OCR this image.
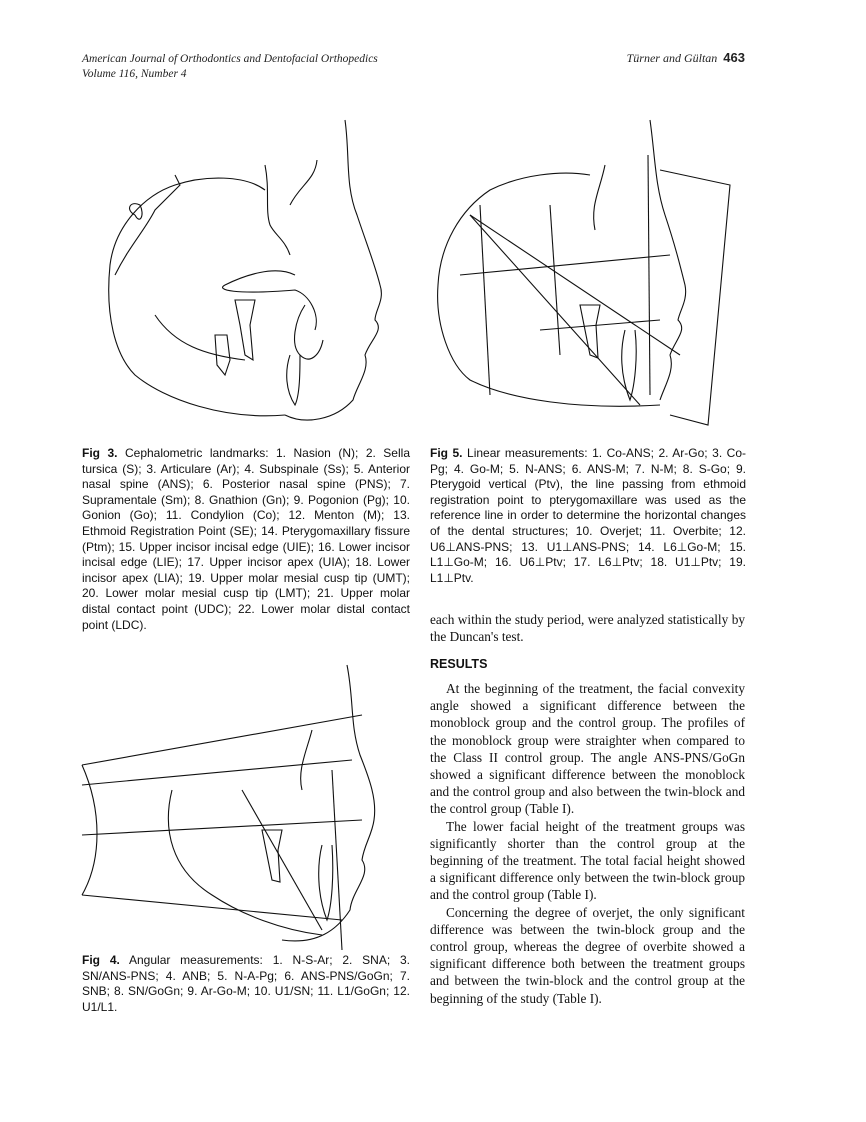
American Journal of Orthodontics and Dentofacial Orthopedics
Volume 116, Number 4
Türner and Gültan 463
Fig 3. Cephalometric landmarks: 1. Nasion (N); 2. Sella tursica (S); 3. Articulare (Ar); 4. Subspinale (Ss); 5. Anterior nasal spine (ANS); 6. Posterior nasal spine (PNS); 7. Supramentale (Sm); 8. Gnathion (Gn); 9. Pogonion (Pg); 10. Gonion (Go); 11. Condylion (Co); 12. Menton (M); 13. Ethmoid Registration Point (SE); 14. Pterygomaxillary fissure (Ptm); 15. Upper incisor incisal edge (UIE); 16. Lower incisor incisal edge (LIE); 17. Upper incisor apex (UIA); 18. Lower incisor apex (LIA); 19. Upper molar mesial cusp tip (UMT); 20. Lower molar mesial cusp tip (LMT); 21. Upper molar distal contact point (UDC); 22. Lower molar distal contact point (LDC).
Fig 5. Linear measurements: 1. Co-ANS; 2. Ar-Go; 3. Co-Pg; 4. Go-M; 5. N-ANS; 6. ANS-M; 7. N-M; 8. S-Go; 9. Pterygoid vertical (Ptv), the line passing from ethmoid registration point to pterygomaxillare was used as the reference line in order to determine the horizontal changes of the dental structures; 10. Overjet; 11. Overbite; 12. U6⊥ANS-PNS; 13. U1⊥ANS-PNS; 14. L6⊥Go-M; 15. L1⊥Go-M; 16. U6⊥Ptv; 17. L6⊥Ptv; 18. U1⊥Ptv; 19. L1⊥Ptv.
Fig 4. Angular measurements: 1. N-S-Ar; 2. SNA; 3. SN/ANS-PNS; 4. ANB; 5. N-A-Pg; 6. ANS-PNS/GoGn; 7. SNB; 8. SN/GoGn; 9. Ar-Go-M; 10. U1/SN; 11. L1/GoGn; 12. U1/L1.

each within the study period, were analyzed statistically by the Duncan's test.

RESULTS

At the beginning of the treatment, the facial convexity angle showed a significant difference between the monoblock group and the control group. The profiles of the monoblock group were straighter when compared to the Class II control group. The angle ANS-PNS/GoGn showed a significant difference between the monoblock and the control group and also between the twin-block and the control group (Table I).

The lower facial height of the treatment groups was significantly shorter than the control group at the beginning of the treatment. The total facial height showed a significant difference only between the twin-block group and the control group (Table I).

Concerning the degree of overjet, the only significant difference was between the twin-block group and the control group, whereas the degree of overbite showed a significant difference both between the treatment groups and between the twin-block and the control group at the beginning of the study (Table I).
